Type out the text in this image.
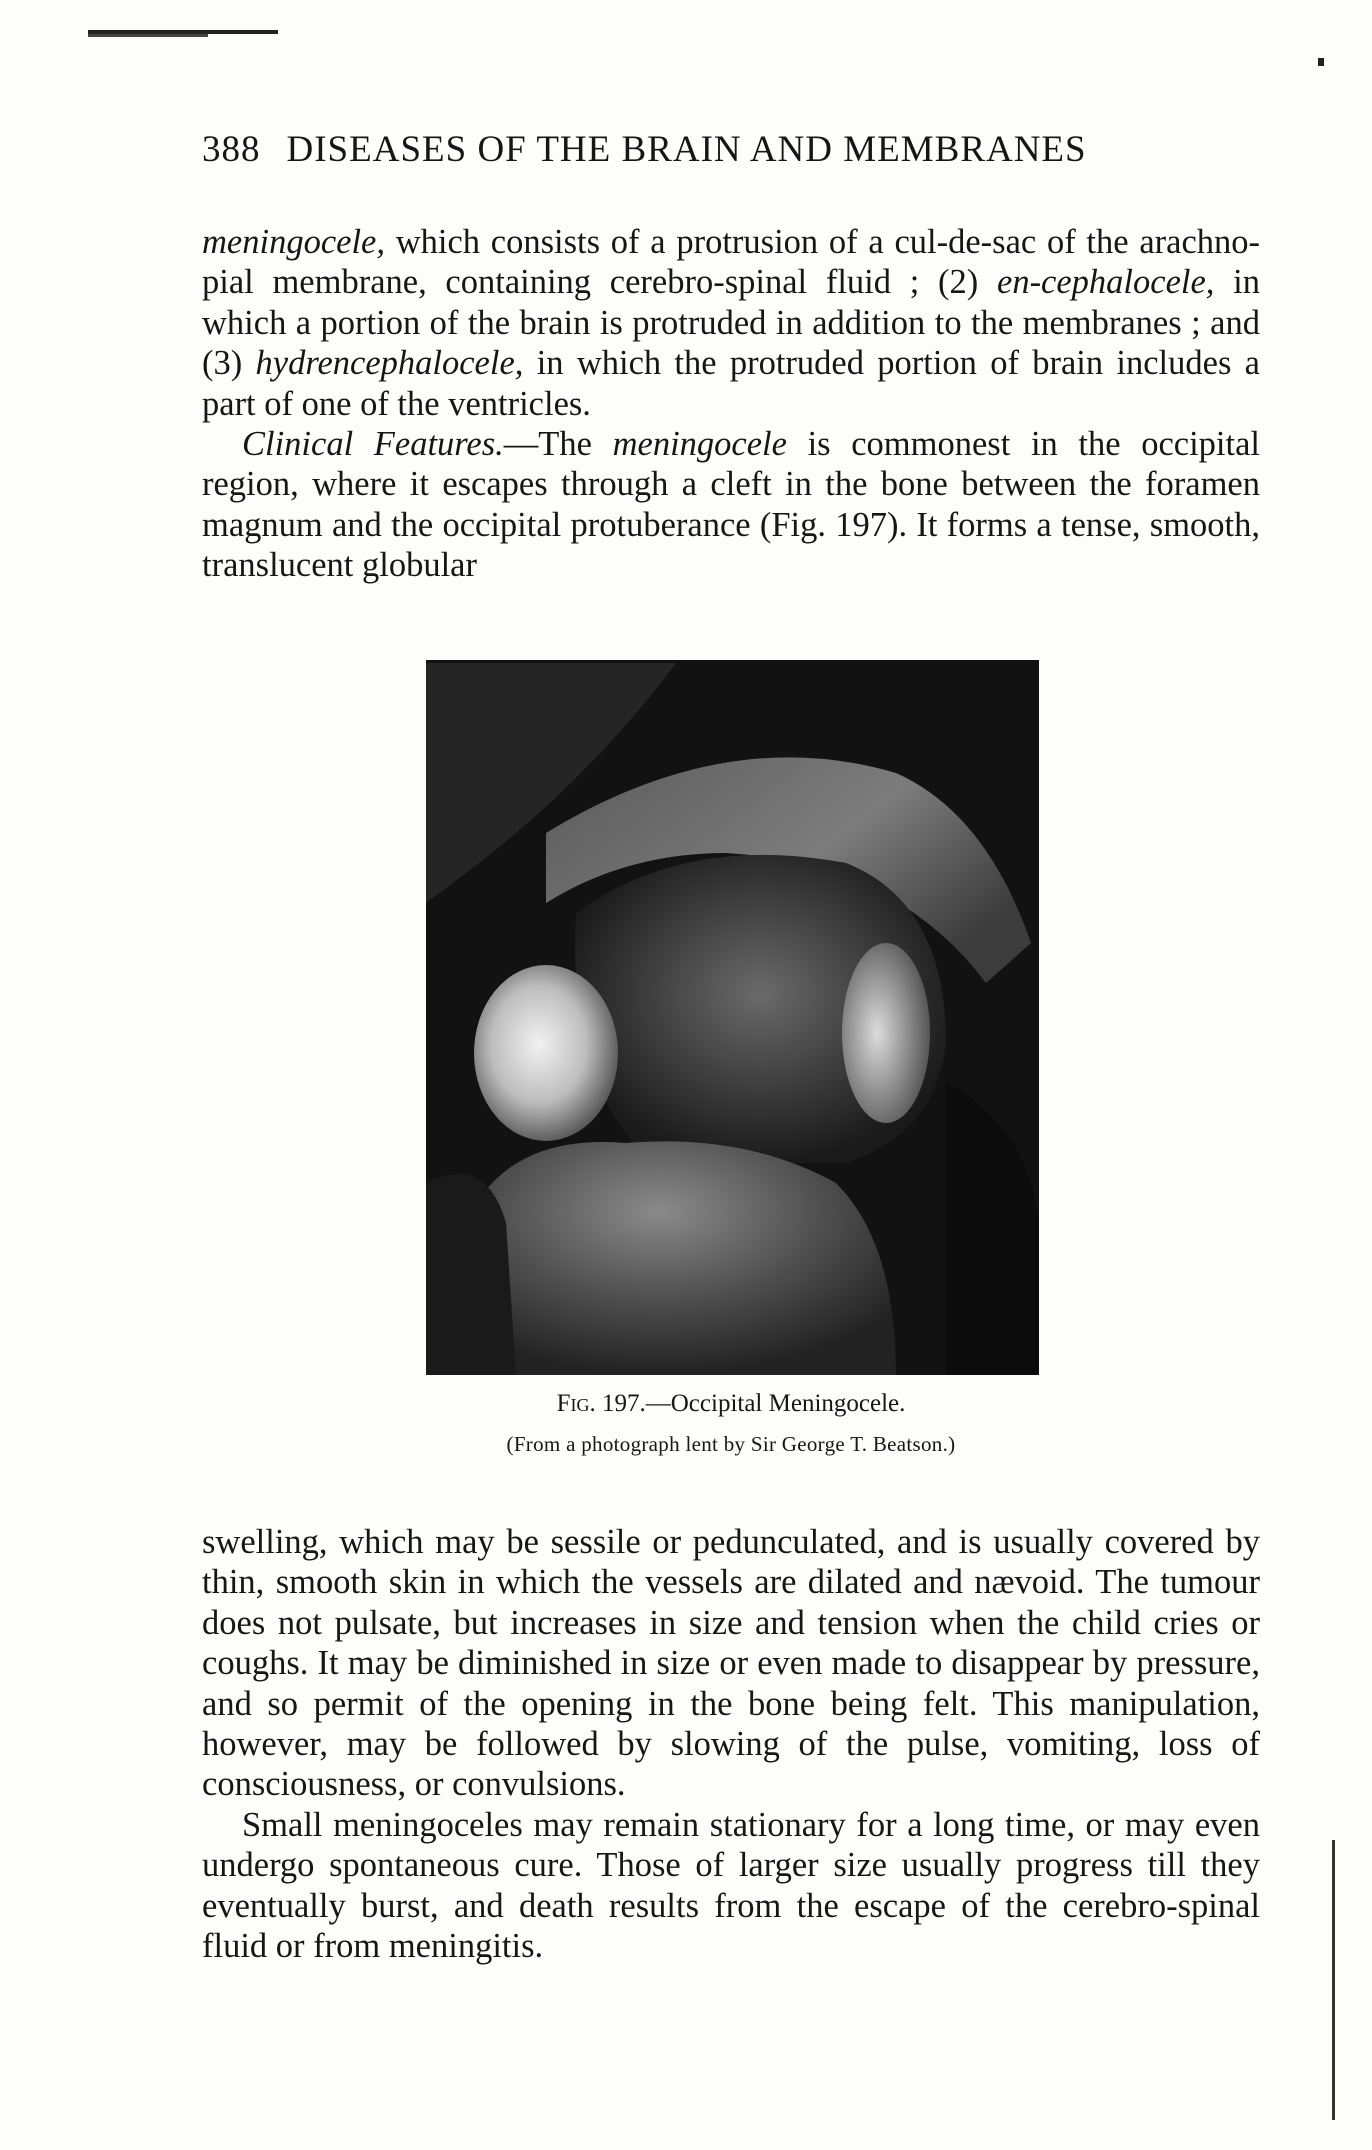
388 DISEASES OF THE BRAIN AND MEMBRANES

meningocele, which consists of a protrusion of a cul-de-sac of the arachno-pial membrane, containing cerebro-spinal fluid ; (2) en-cephalocele, in which a portion of the brain is protruded in addition to the membranes ; and (3) hydrencephalocele, in which the protruded portion of brain includes a part of one of the ventricles.

Clinical Features.—The meningocele is commonest in the occipital region, where it escapes through a cleft in the bone between the foramen magnum and the occipital protuberance (Fig. 197). It forms a tense, smooth, translucent globular

Fig. 197.—Occipital Meningocele.
(From a photograph lent by Sir George T. Beatson.)

swelling, which may be sessile or pedunculated, and is usually covered by thin, smooth skin in which the vessels are dilated and nævoid. The tumour does not pulsate, but increases in size and tension when the child cries or coughs. It may be diminished in size or even made to disappear by pressure, and so permit of the opening in the bone being felt. This manipulation, however, may be followed by slowing of the pulse, vomiting, loss of consciousness, or convulsions.

Small meningoceles may remain stationary for a long time, or may even undergo spontaneous cure. Those of larger size usually progress till they eventually burst, and death results from the escape of the cerebro-spinal fluid or from meningitis.
